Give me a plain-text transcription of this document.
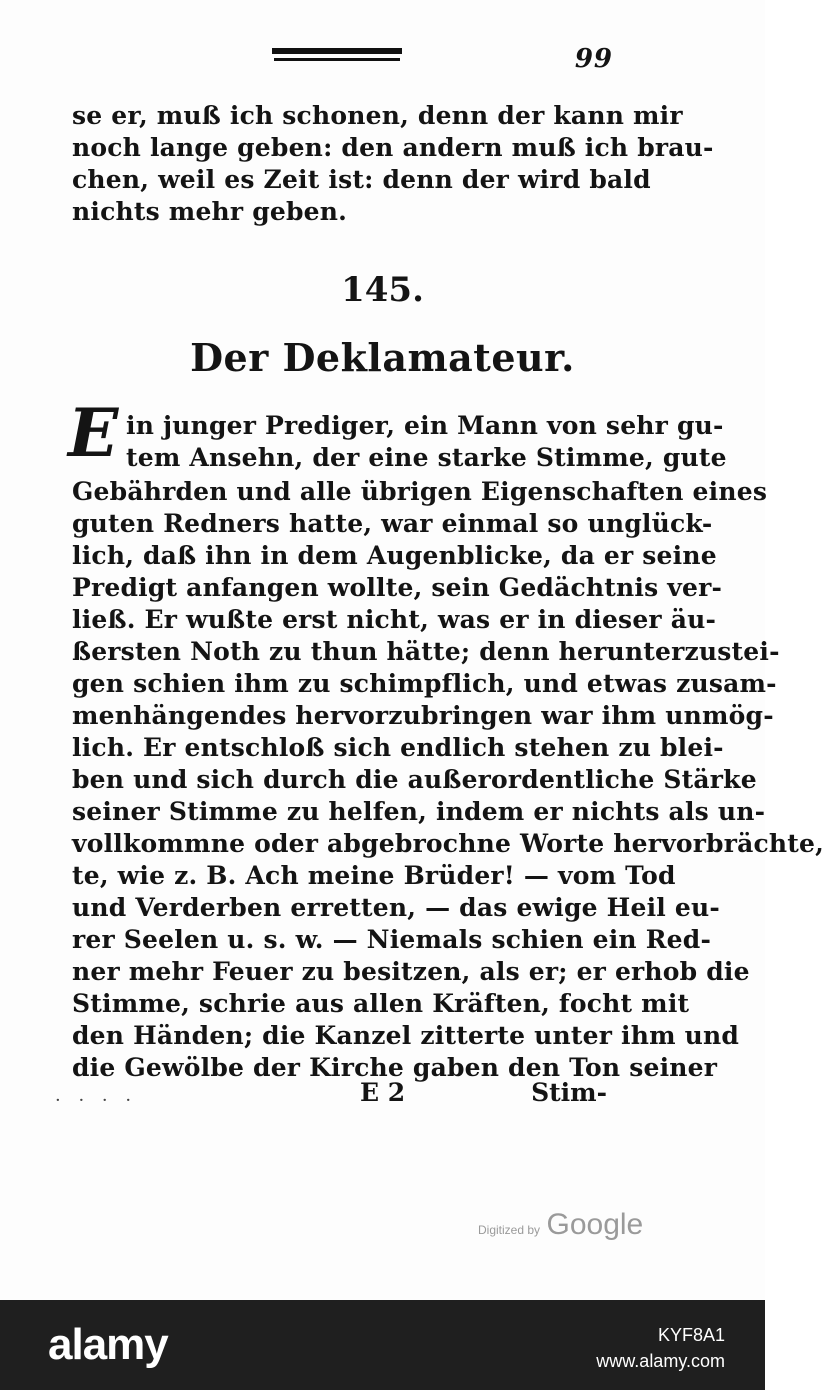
99
se er, muß ich schonen, denn der kann mir
noch lange geben: den andern muß ich brau-
chen, weil es Zeit ist: denn der wird bald
nichts mehr geben.
145.
Der Deklamateur.
E in junger Prediger, ein Mann von sehr gu-
tem Ansehn, der eine starke Stimme, gute
Gebährden und alle übrigen Eigenschaften eines
guten Redners hatte, war einmal so unglück-
lich, daß ihn in dem Augenblicke, da er seine
Predigt anfangen wollte, sein Gedächtnis ver-
ließ. Er wußte erst nicht, was er in dieser äu-
ßersten Noth zu thun hätte; denn herunterzustei-
gen schien ihm zu schimpflich, und etwas zusam-
menhängendes hervorzubringen war ihm unmög-
lich. Er entschloß sich endlich stehen zu blei-
ben und sich durch die außerordentliche Stärke
seiner Stimme zu helfen, indem er nichts als un-
vollkommne oder abgebrochne Worte hervorbrächte,
te, wie z. B. Ach meine Brüder! — vom Tod
und Verderben erretten, — das ewige Heil eu-
rer Seelen u. s. w. — Niemals schien ein Red-
ner mehr Feuer zu besitzen, als er; er erhob die
Stimme, schrie aus allen Kräften, focht mit
den Händen; die Kanzel zitterte unter ihm und
die Gewölbe der Kirche gaben den Ton seiner
E 2	Stim-
· · · ·
Digitized by Google
alamy	KYF8A1
www.alamy.com
